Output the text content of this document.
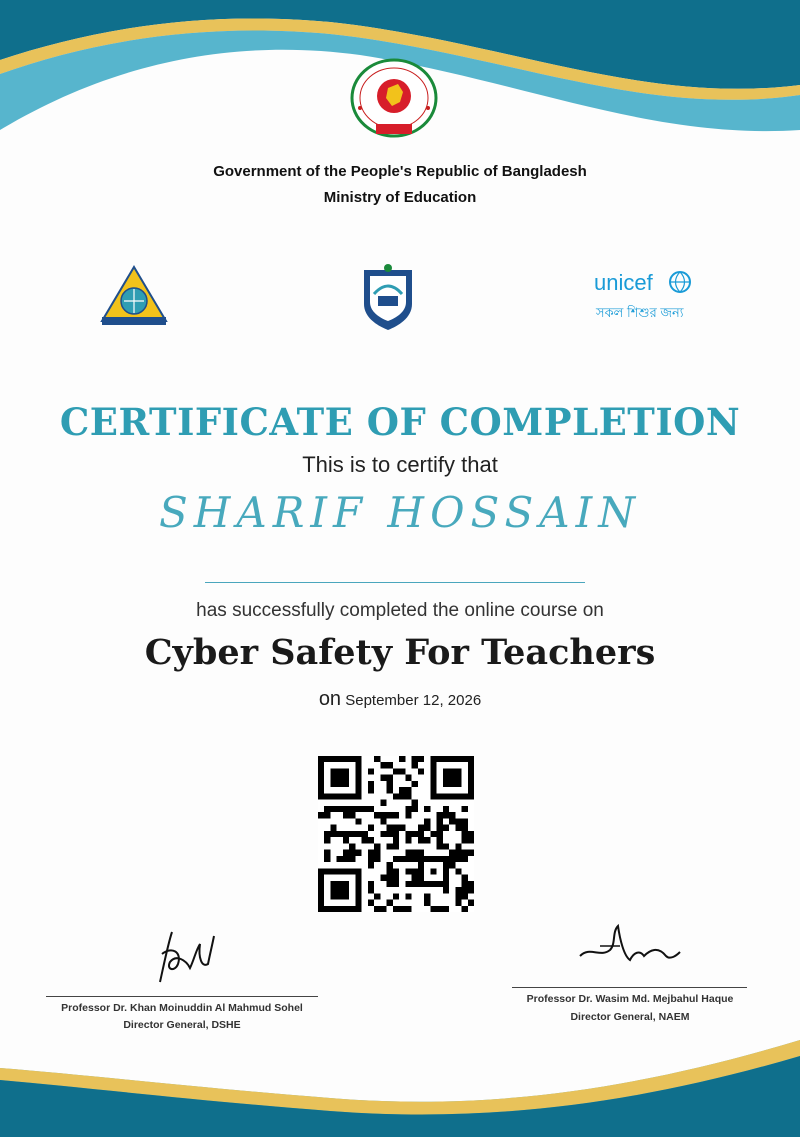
Government of the People's Republic of Bangladesh
Ministry of Education
unicef
সকল শিশুর জন্য
CERTIFICATE OF COMPLETION
This is to certify that
SHARIF HOSSAIN
has successfully completed the online course on
Cyber Safety For Teachers
on September 12, 2026
Professor Dr. Khan Moinuddin Al Mahmud Sohel
Director General, DSHE
Professor Dr. Wasim Md. Mejbahul Haque
Director General, NAEM
